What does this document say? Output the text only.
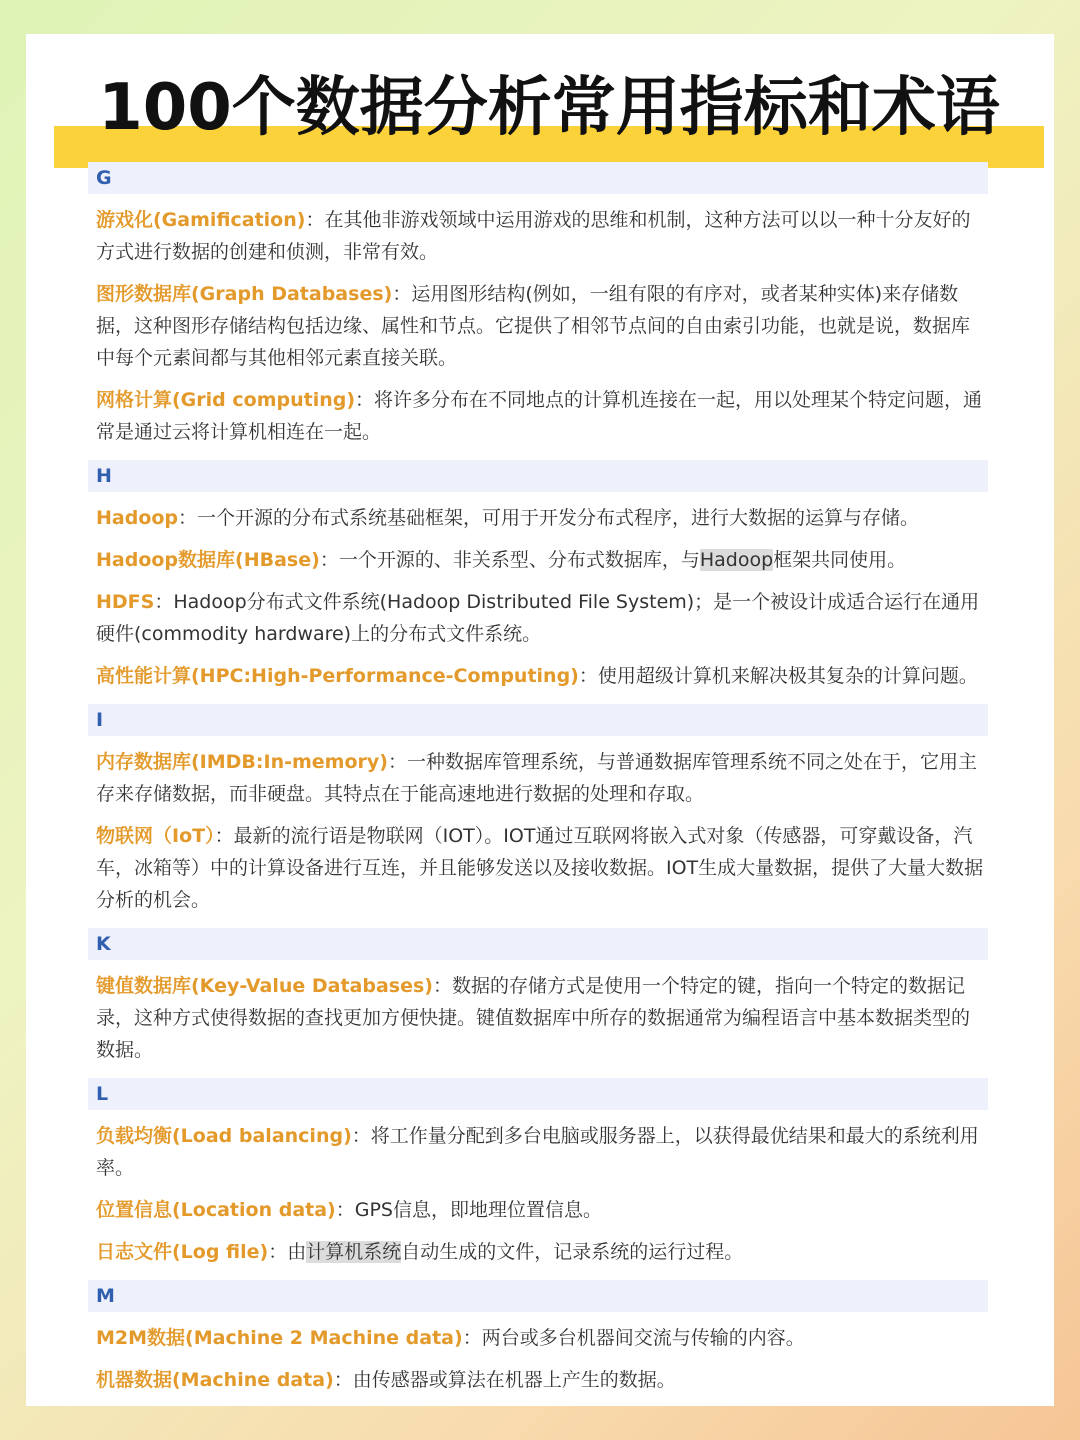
100个数据分析常用指标和术语
G
游戏化(Gamification)：在其他非游戏领域中运用游戏的思维和机制，这种方法可以以一种十分友好的方式进行数据的创建和侦测，非常有效。
图形数据库(Graph Databases)：运用图形结构(例如，一组有限的有序对，或者某种实体)来存储数据，这种图形存储结构包括边缘、属性和节点。它提供了相邻节点间的自由索引功能，也就是说，数据库中每个元素间都与其他相邻元素直接关联。
网格计算(Grid computing)：将许多分布在不同地点的计算机连接在一起，用以处理某个特定问题，通常是通过云将计算机相连在一起。
H
Hadoop：一个开源的分布式系统基础框架，可用于开发分布式程序，进行大数据的运算与存储。
Hadoop数据库(HBase)：一个开源的、非关系型、分布式数据库，与Hadoop框架共同使用。
HDFS：Hadoop分布式文件系统(Hadoop Distributed File System)；是一个被设计成适合运行在通用硬件(commodity hardware)上的分布式文件系统。
高性能计算(HPC:High-Performance-Computing)：使用超级计算机来解决极其复杂的计算问题。
I
内存数据库(IMDB:In-memory)：一种数据库管理系统，与普通数据库管理系统不同之处在于，它用主存来存储数据，而非硬盘。其特点在于能高速地进行数据的处理和存取。
物联网（IoT）：最新的流行语是物联网（IOT）。IOT通过互联网将嵌入式对象（传感器，可穿戴设备，汽车，冰箱等）中的计算设备进行互连，并且能够发送以及接收数据。IOT生成大量数据，提供了大量大数据分析的机会。
K
键值数据库(Key-Value Databases)：数据的存储方式是使用一个特定的键，指向一个特定的数据记录，这种方式使得数据的查找更加方便快捷。键值数据库中所存的数据通常为编程语言中基本数据类型的数据。
L
负载均衡(Load balancing)：将工作量分配到多台电脑或服务器上，以获得最优结果和最大的系统利用率。
位置信息(Location data)：GPS信息，即地理位置信息。
日志文件(Log file)：由计算机系统自动生成的文件，记录系统的运行过程。
M
M2M数据(Machine 2 Machine data)：两台或多台机器间交流与传输的内容。
机器数据(Machine data)：由传感器或算法在机器上产生的数据。
